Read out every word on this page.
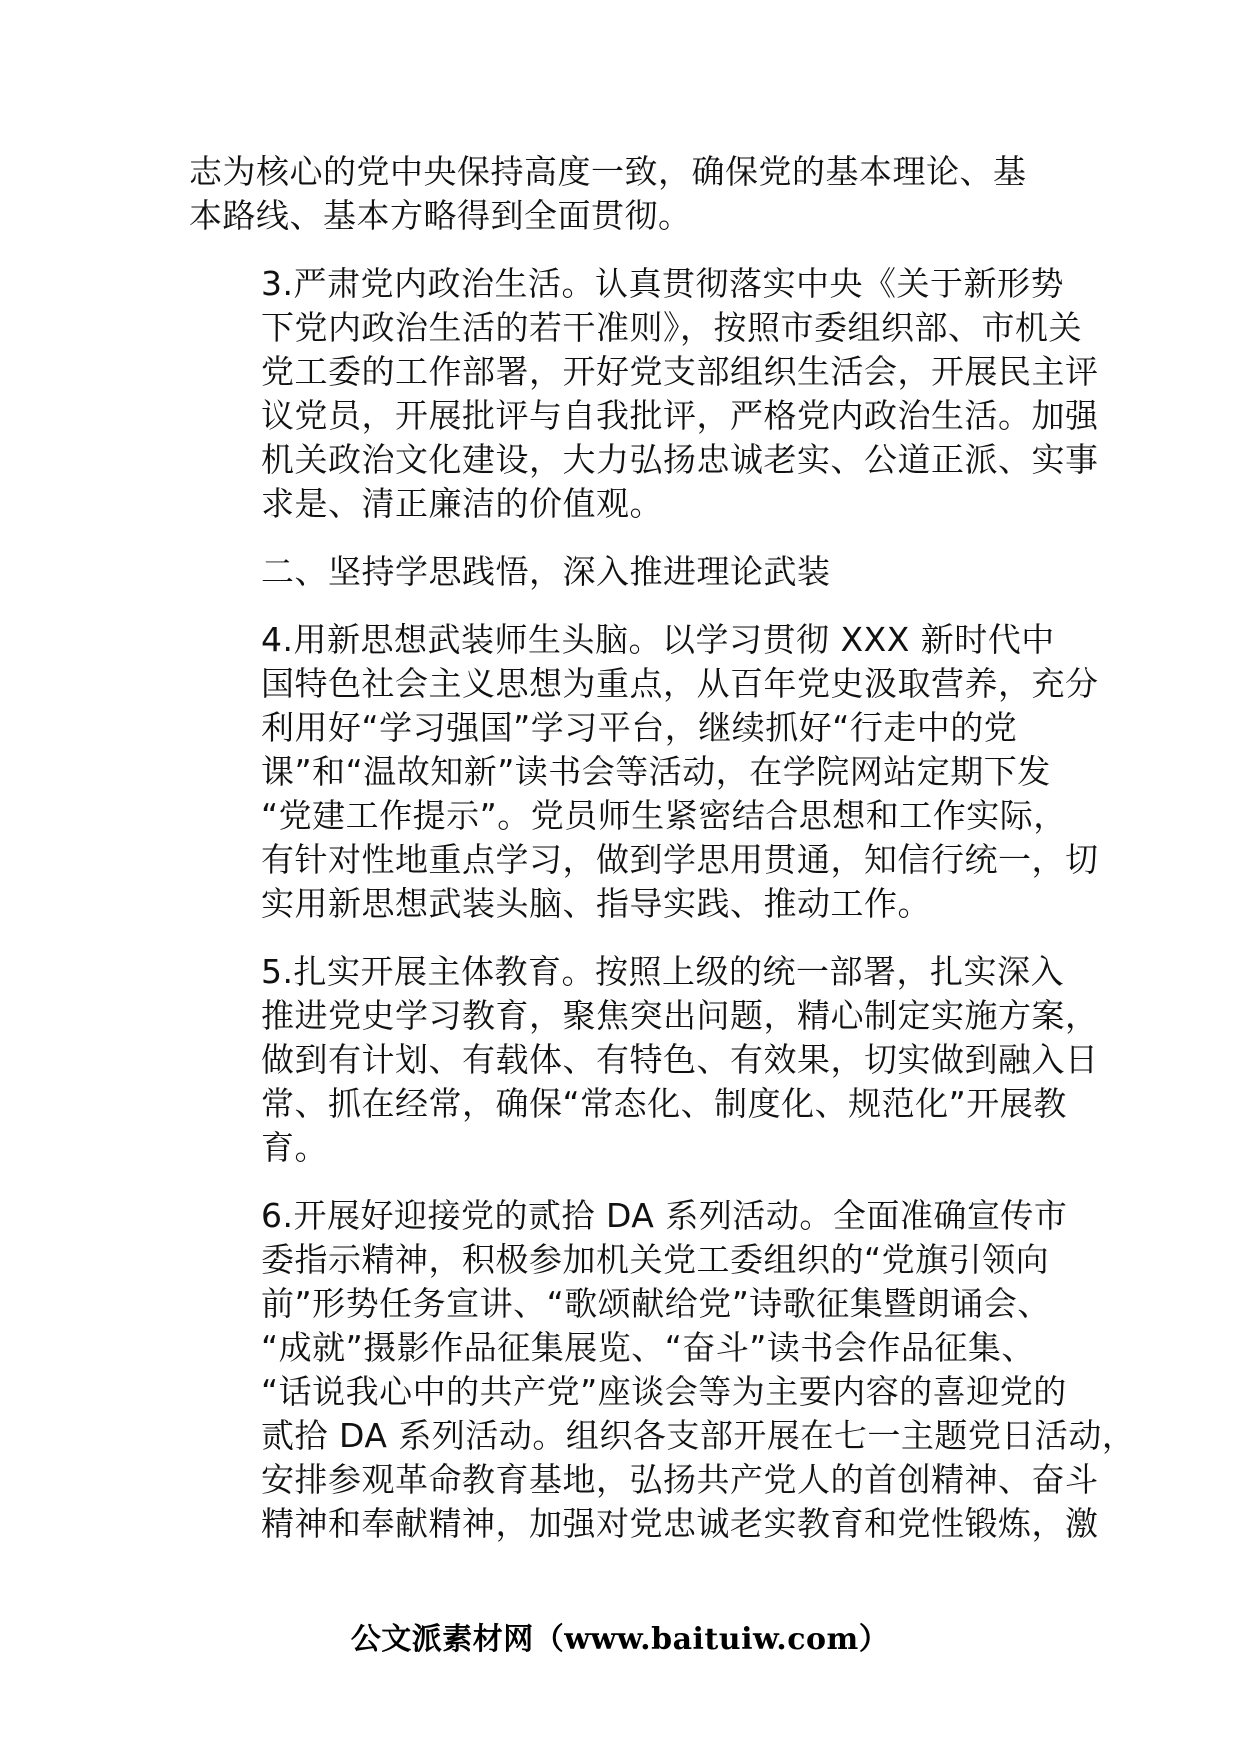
志为核心的党中央保持高度一致，确保党的基本理论、基
本路线、基本方略得到全面贯彻。

3.严肃党内政治生活。认真贯彻落实中央《关于新形势
下党内政治生活的若干准则》，按照市委组织部、市机关
党工委的工作部署，开好党支部组织生活会，开展民主评
议党员，开展批评与自我批评，严格党内政治生活。加强
机关政治文化建设，大力弘扬忠诚老实、公道正派、实事
求是、清正廉洁的价值观。

二、坚持学思践悟，深入推进理论武装

4.用新思想武装师生头脑。以学习贯彻 XXX 新时代中
国特色社会主义思想为重点，从百年党史汲取营养，充分
利用好“学习强国”学习平台，继续抓好“行走中的党
课”和“温故知新”读书会等活动，在学院网站定期下发
“党建工作提示”。党员师生紧密结合思想和工作实际，
有针对性地重点学习，做到学思用贯通，知信行统一，切
实用新思想武装头脑、指导实践、推动工作。

5.扎实开展主体教育。按照上级的统一部署，扎实深入
推进党史学习教育，聚焦突出问题，精心制定实施方案，
做到有计划、有载体、有特色、有效果，切实做到融入日
常、抓在经常，确保“常态化、制度化、规范化”开展教
育。

6.开展好迎接党的贰拾 DA 系列活动。全面准确宣传市
委指示精神，积极参加机关党工委组织的“党旗引领向
前”形势任务宣讲、“歌颂献给党”诗歌征集暨朗诵会、
“成就”摄影作品征集展览、“奋斗”读书会作品征集、
“话说我心中的共产党”座谈会等为主要内容的喜迎党的
贰拾 DA 系列活动。组织各支部开展在七一主题党日活动，
安排参观革命教育基地，弘扬共产党人的首创精神、奋斗
精神和奉献精神，加强对党忠诚老实教育和党性锻炼，激

公文派素材网（www.baituiw.com）
